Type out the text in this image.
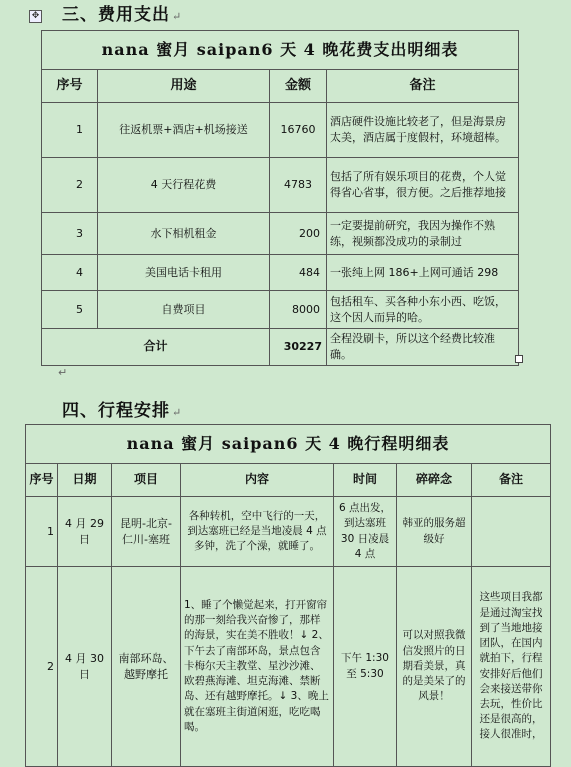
✥ 三、费用支出 ↵
nana 蜜月 saipan6 天 4 晚花费支出明细表			
序号	用途	金额	备注
1	往返机票+酒店+机场接送	16760	酒店硬件设施比较老了，但是海景房太美，酒店属于度假村，环境超棒。
2	4 天行程花费	4783	包括了所有娱乐项目的花费，个人觉得省心省事，很方便。之后推荐地接
3	水下相机租金	200	一定要提前研究，我因为操作不熟练，视频都没成功的录制过
4	美国电话卡租用	484	一张纯上网 186+上网可通话 298
5	自费项目	8000	包括租车、买各种小东小西、吃饭，这个因人而异的哈。
合计		30227	全程没刷卡，所以这个经费比较准确。
↵
四、行程安排 ↵
nana 蜜月 saipan6 天 4 晚行程明细表						
序号	日期	项目	内容	时间	碎碎念	备注
1	4 月 29 日	昆明-北京-仁川-塞班	各种转机，空中飞行的一天，到达塞班已经是当地凌晨 4 点多钟，洗了个澡，就睡了。	6 点出发，到达塞班 30 日凌晨 4 点	韩亚的服务超级好	
2	4 月 30 日	南部环岛、越野摩托	1、睡了个懒觉起来，打开窗帘的那一刻给我兴奋惨了，那样的海景，实在美不胜收！↓ 2、下午去了南部环岛，景点包含卡梅尔天主教堂、星沙沙滩、欧碧燕海滩、坦克海滩、禁断岛、还有越野摩托。↓ 3、晚上就在塞班主街道闲逛，吃吃喝喝。	下午 1:30 至 5:30	可以对照我微信发照片的日期看美景，真的是美呆了的风景！	这些项目我都是通过淘宝找到了当地地接团队，在国内就拍下，行程安排好后他们会来接送带你去玩，性价比还是很高的，接人很准时，
